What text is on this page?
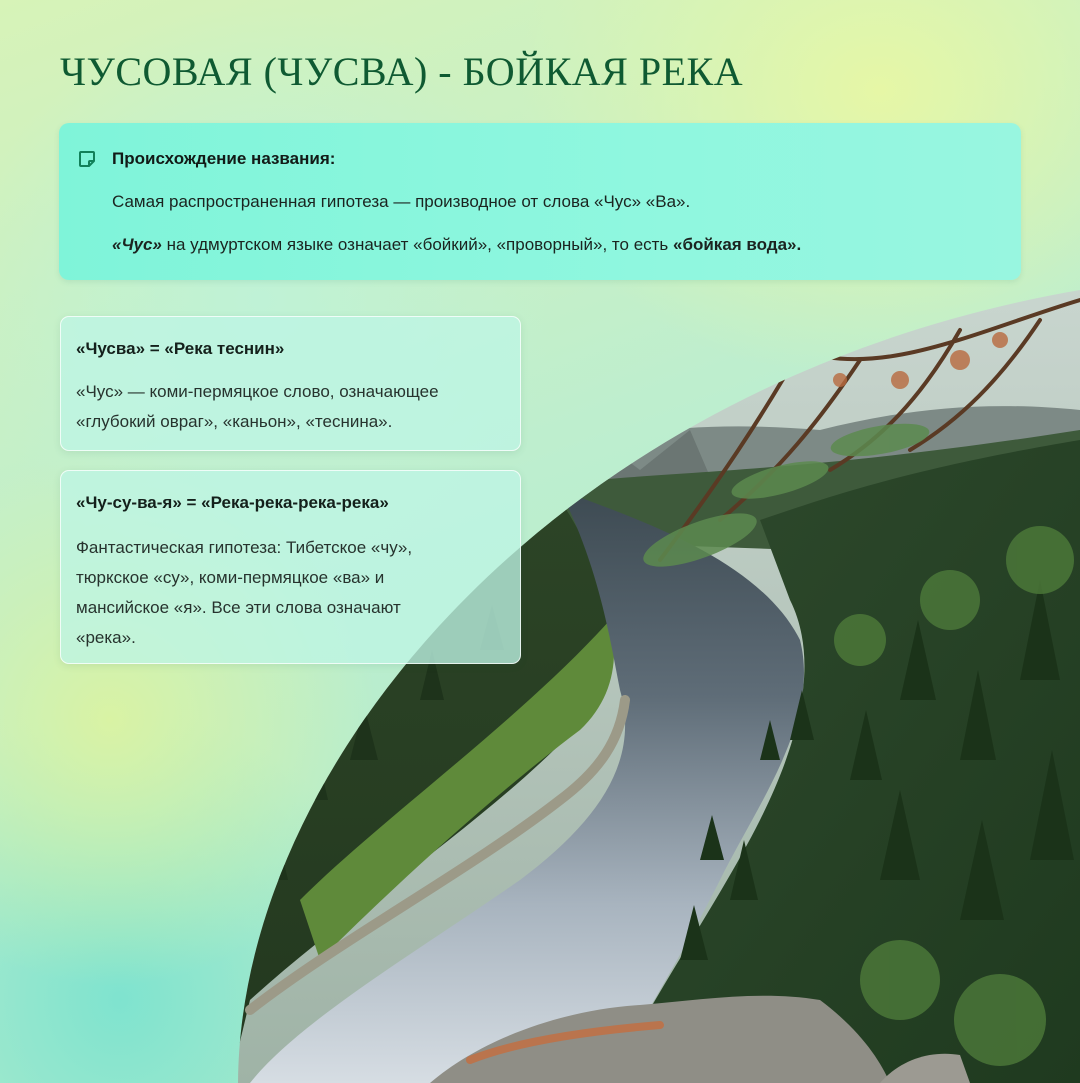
ЧУСОВАЯ (ЧУСВА) - БОЙКАЯ РЕКА
Происхождение названия:
Самая распространенная гипотеза — производное от слова «Чус» «Ва».
«Чус» на удмуртском языке означает «бойкий», «проворный», то есть «бойкая вода».
«Чусва» = «Река теснин»
«Чус» — коми-пермяцкое слово, означающее
«глубокий овраг», «каньон», «теснина».
«Чу-су-ва-я» = «Река-река-река-река»
Фантастическая гипотеза: Тибетское «чу»,
тюркское «су», коми-пермяцкое «ва» и
мансийское «я». Все эти слова означают
«река».
